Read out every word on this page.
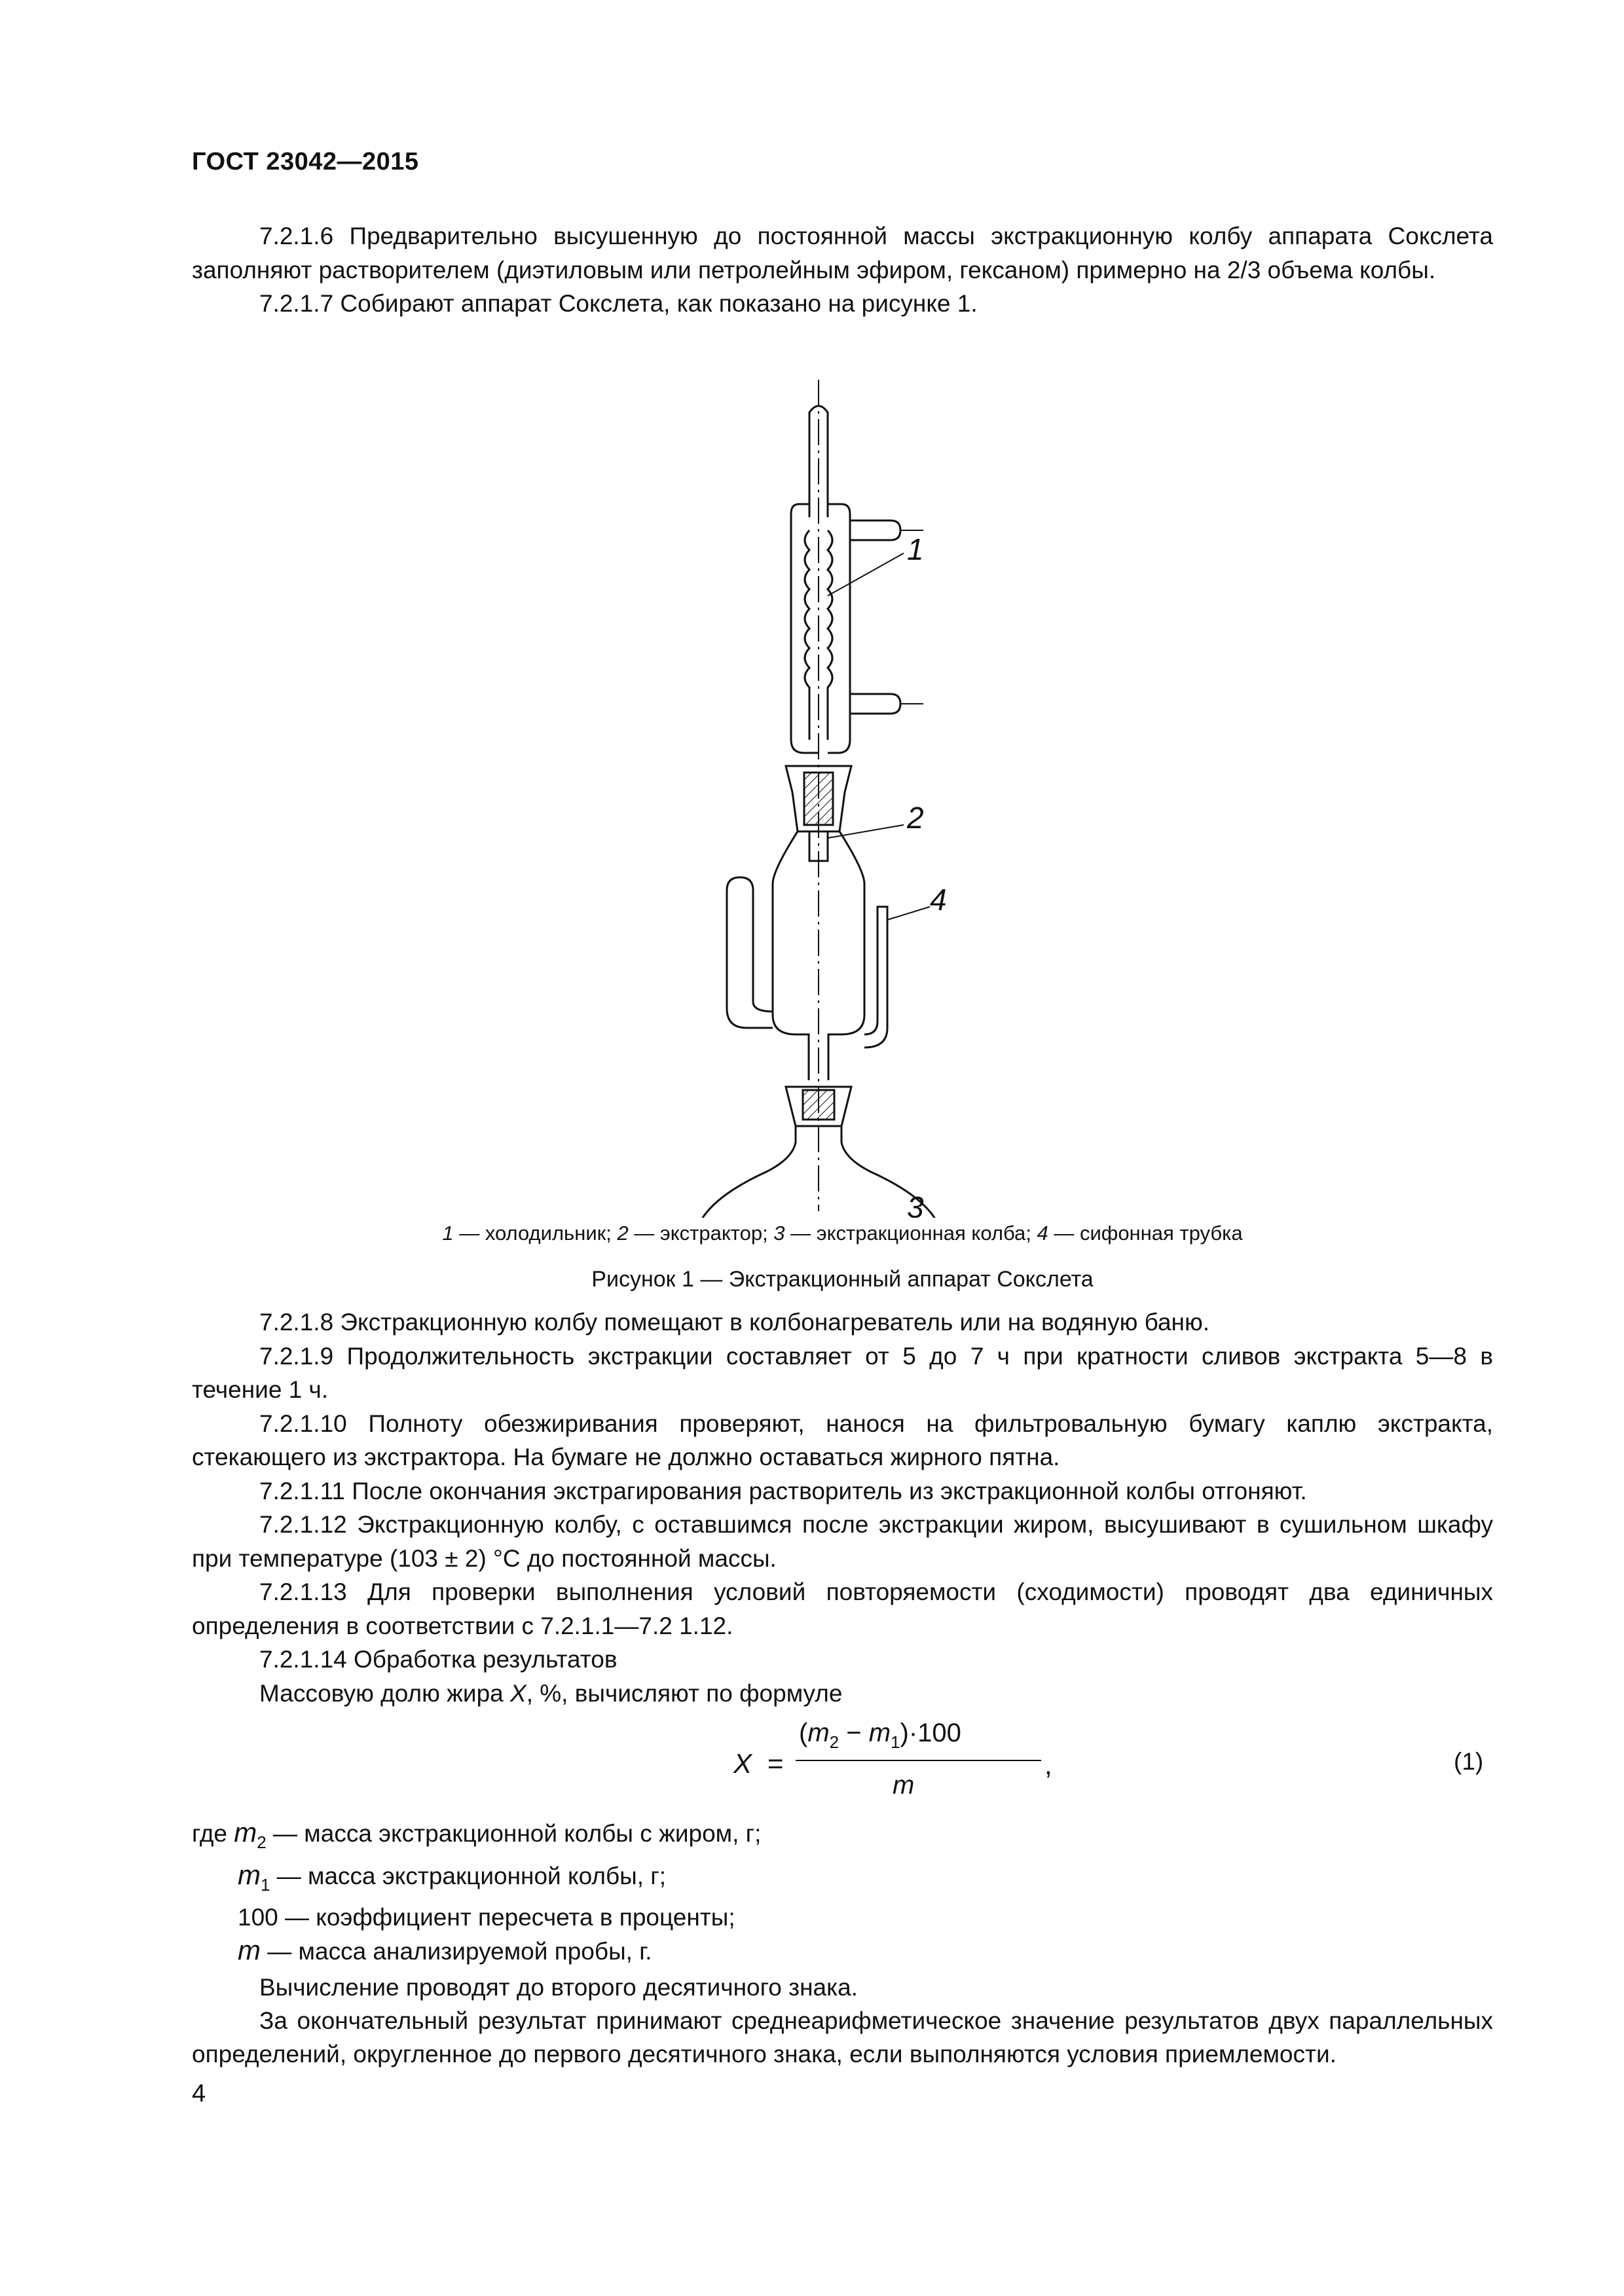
ГОСТ 23042—2015

7.2.1.6 Предварительно высушенную до постоянной массы экстракционную колбу аппарата Сокслета заполняют растворителем (диэтиловым или петролейным эфиром, гексаном) примерно на 2/3 объема колбы.

7.2.1.7 Собирают аппарат Сокслета, как показано на рисунке 1.

1
2
3
4
1 — холодильник; 2 — экстрактор; 3 — экстракционная колба; 4 — сифонная трубка
Рисунок 1 — Экстракционный аппарат Сокслета

7.2.1.8 Экстракционную колбу помещают в колбонагреватель или на водяную баню.

7.2.1.9 Продолжительность экстракции составляет от 5 до 7 ч при кратности сливов экстракта 5—8 в течение 1 ч.

7.2.1.10 Полноту обезжиривания проверяют, нанося на фильтровальную бумагу каплю экстракта, стекающего из экстрактора. На бумаге не должно оставаться жирного пятна.

7.2.1.11 После окончания экстрагирования растворитель из экстракционной колбы отгоняют.

7.2.1.12 Экстракционную колбу, с оставшимся после экстракции жиром, высушивают в сушильном шкафу при температуре (103 ± 2) °С до постоянной массы.

7.2.1.13 Для проверки выполнения условий повторяемости (сходимости) проводят два единичных определения в соответствии с 7.2.1.1—7.2 1.12.

7.2.1.14 Обработка результатов

Массовую долю жира X, %, вычисляют по формуле

X =
$(m_2 - m_1)\cdot 100$
m
,	(1)
где $m_2$ — масса экстракционной колбы с жиром, г;
$m_1$ — масса экстракционной колбы, г;
100 — коэффициент пересчета в проценты;
m — масса анализируемой пробы, г.

Вычисление проводят до второго десятичного знака.

За окончательный результат принимают среднеарифметическое значение результатов двух параллельных определений, округленное до первого десятичного знака, если выполняются условия приемлемости.

4
